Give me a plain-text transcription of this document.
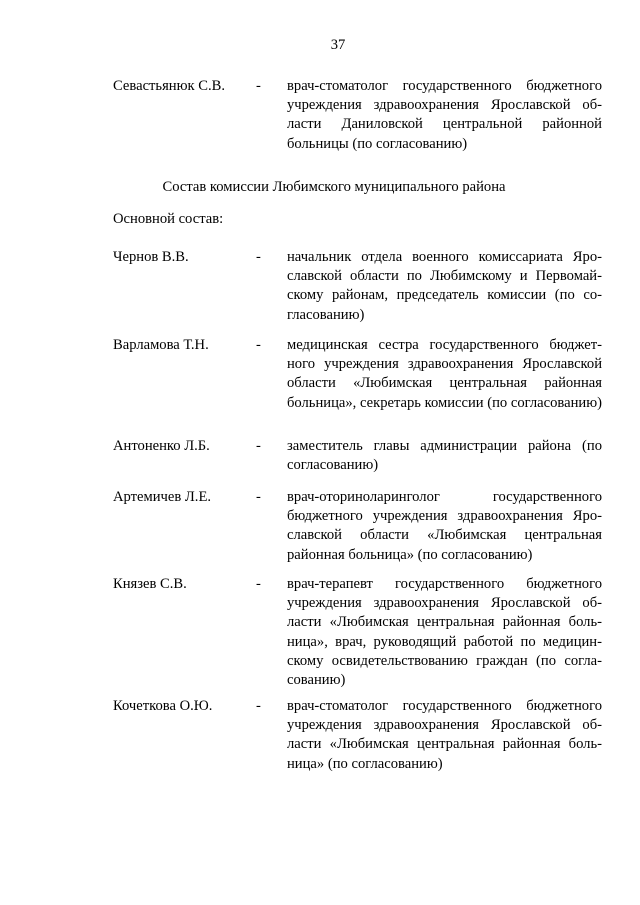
37
Севастьянюк С.В. - врач-стоматолог государственного бюджетного учреждения здравоохранения Ярославской области Даниловской центральной районной больницы (по согласованию)
Состав комиссии Любимского муниципального района
Основной состав:
Чернов В.В.	- начальник отдела военного комиссариата Ярославской области по Любимскому и Первомайскому районам, председатель комиссии (по согласованию)
Варламова Т.Н.	- медицинская сестра государственного бюджетного учреждения здравоохранения Ярославской области «Любимская центральная районная больница», секретарь комиссии (по согласованию)
Антоненко Л.Б.	- заместитель главы администрации района (по согласованию)
Артемичев Л.Е.	- врач-оториноларинголог государственного бюджетного учреждения здравоохранения Ярославской области «Любимская центральная районная больница» (по согласованию)
Князев С.В.	- врач-терапевт государственного бюджетного учреждения здравоохранения Ярославской области «Любимская центральная районная больница», врач, руководящий работой по медицинскому освидетельствованию граждан (по согласованию)
Кочеткова О.Ю.	- врач-стоматолог государственного бюджетного учреждения здравоохранения Ярославской области «Любимская центральная районная больница» (по согласованию)
